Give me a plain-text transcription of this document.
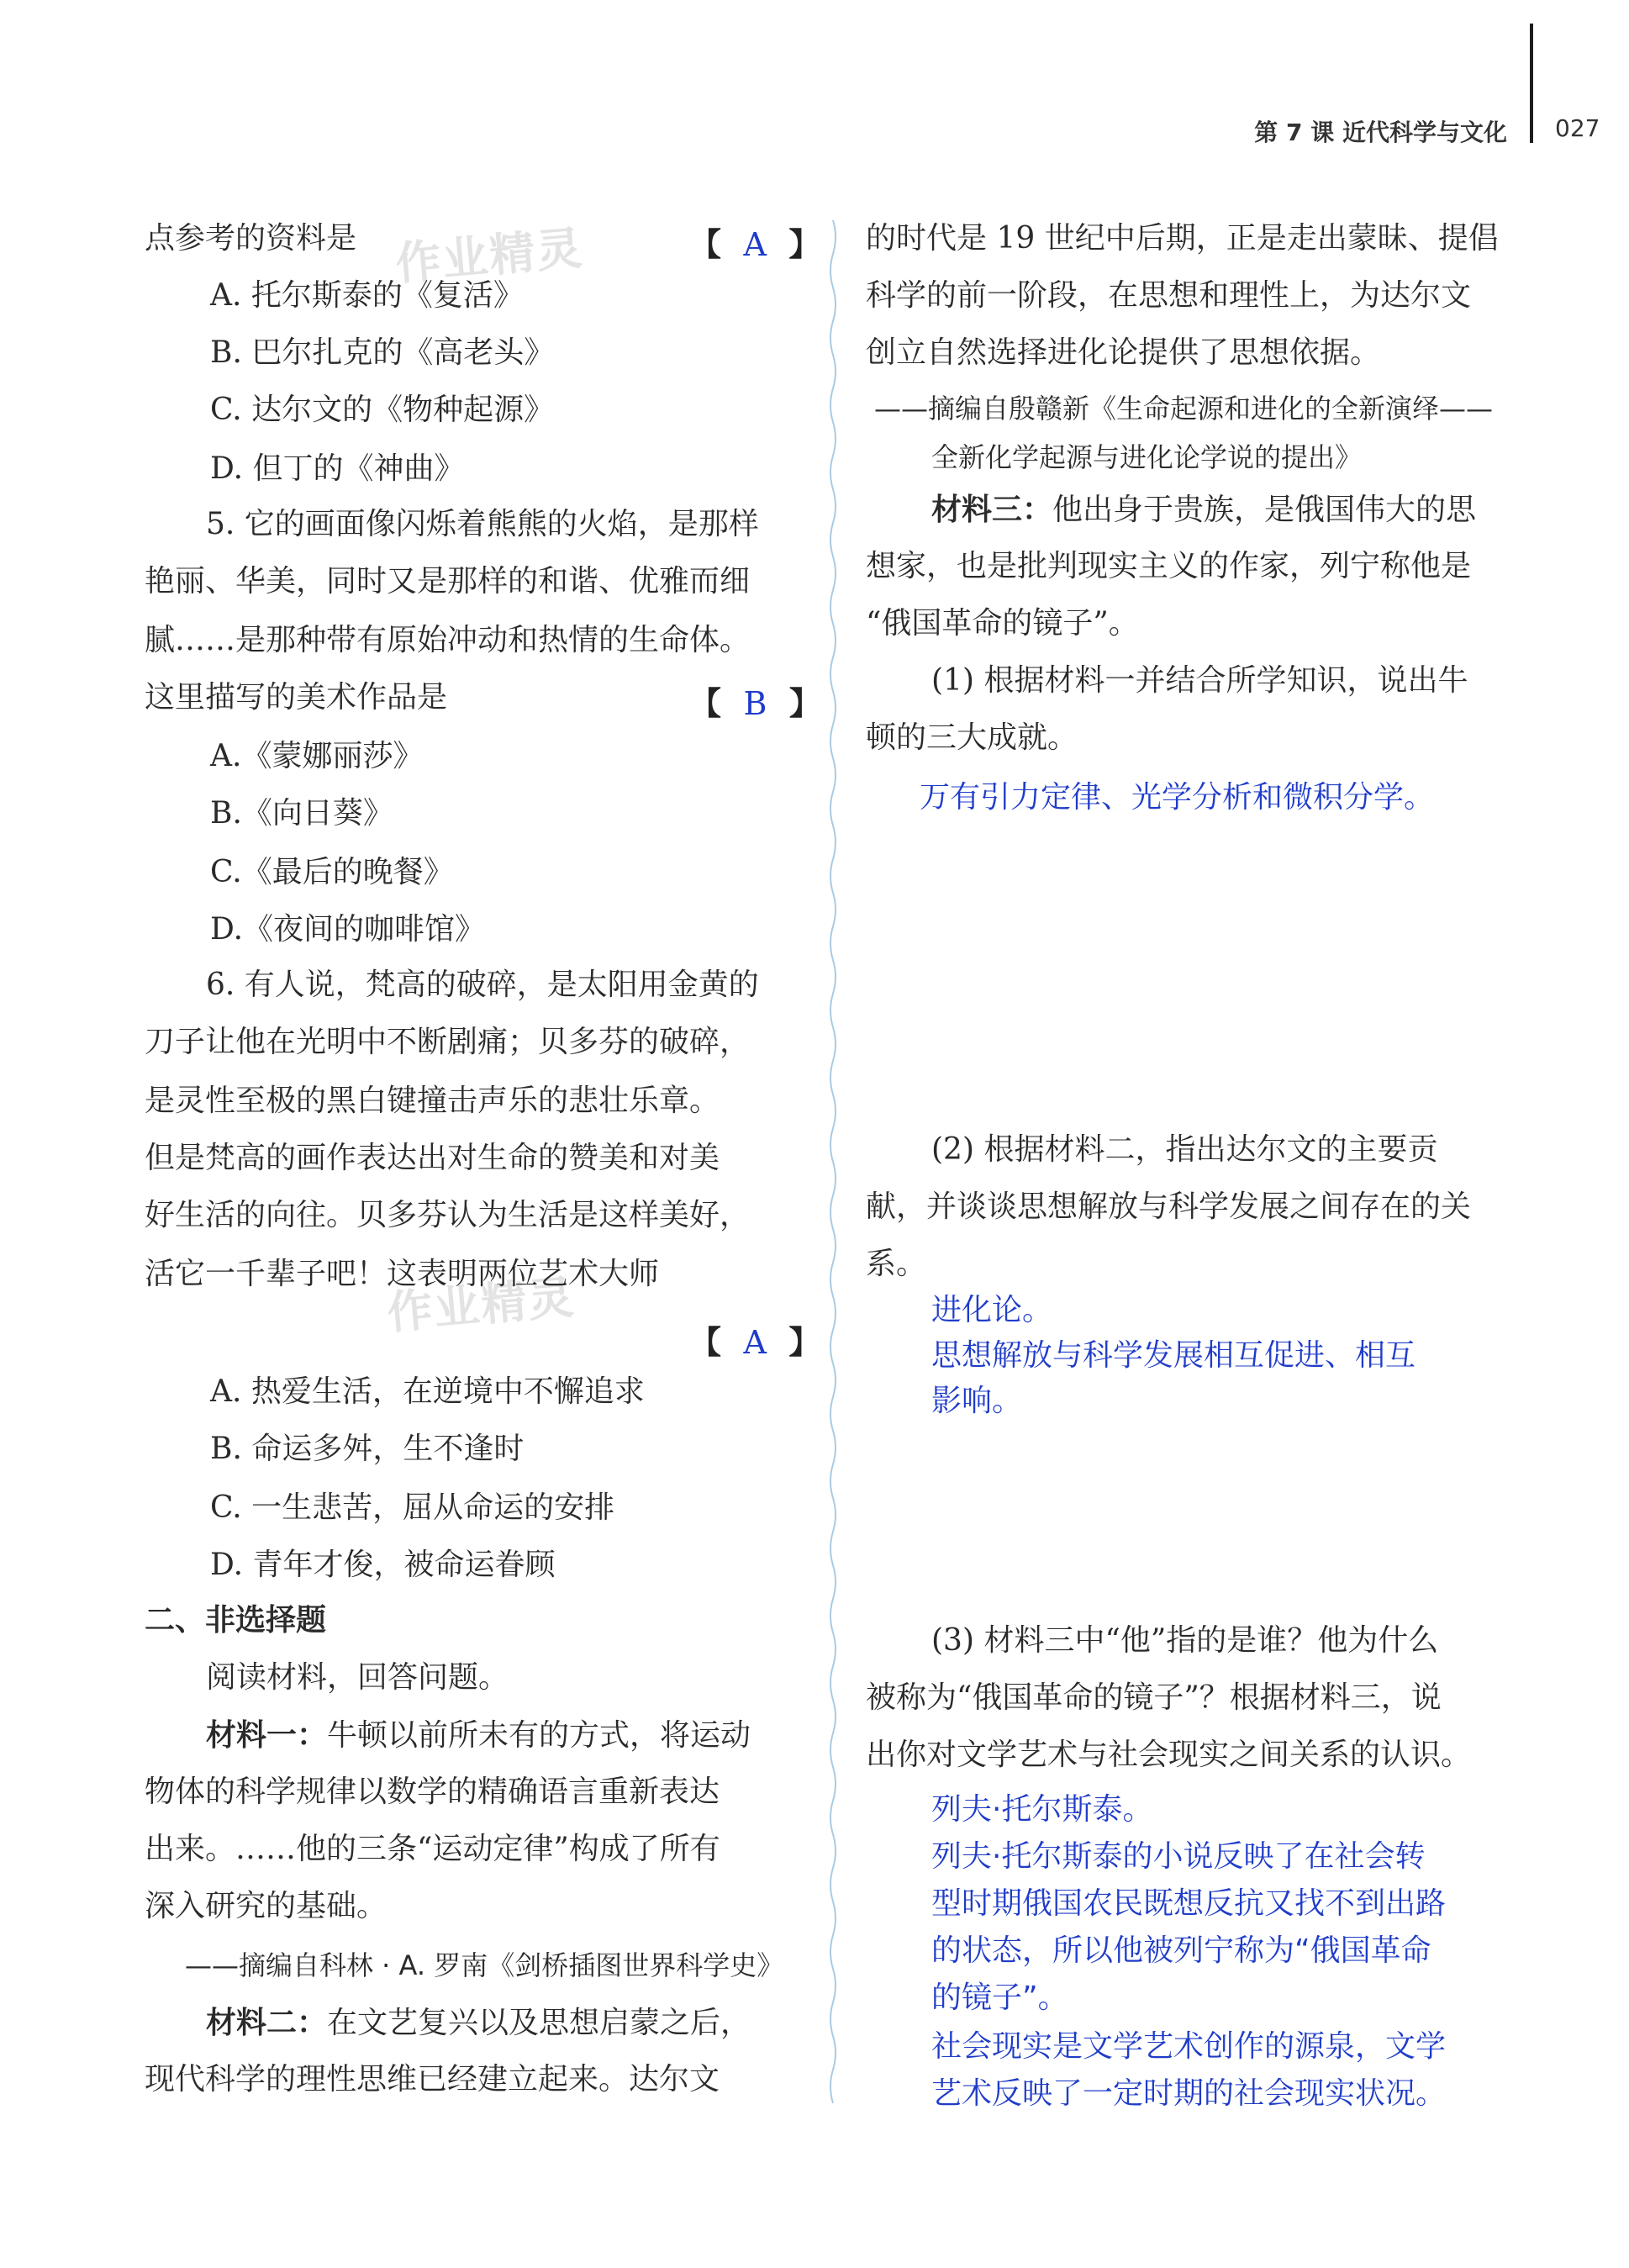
第 7 课 近代科学与文化 027
作业精灵
作业精灵
点参考的资料是	【  A  】
A. 托尔斯泰的《复活》
B. 巴尔扎克的《高老头》
C. 达尔文的《物种起源》
D. 但丁的《神曲》
5. 它的画面像闪烁着熊熊的火焰，是那样
艳丽、华美，同时又是那样的和谐、优雅而细
腻……是那种带有原始冲动和热情的生命体。
这里描写的美术作品是	【  B  】
A.《蒙娜丽莎》
B.《向日葵》
C.《最后的晚餐》
D.《夜间的咖啡馆》
6. 有人说，梵高的破碎，是太阳用金黄的
刀子让他在光明中不断剧痛；贝多芬的破碎，
是灵性至极的黑白键撞击声乐的悲壮乐章。
但是梵高的画作表达出对生命的赞美和对美
好生活的向往。贝多芬认为生活是这样美好，
活它一千辈子吧！这表明两位艺术大师
【  A  】
A. 热爱生活，在逆境中不懈追求
B. 命运多舛，生不逢时
C. 一生悲苦，屈从命运的安排
D. 青年才俊，被命运眷顾
二、非选择题
阅读材料，回答问题。
材料一：牛顿以前所未有的方式，将运动
物体的科学规律以数学的精确语言重新表达
出来。……他的三条“运动定律”构成了所有
深入研究的基础。
——摘编自科林 · A. 罗南《剑桥插图世界科学史》
材料二：在文艺复兴以及思想启蒙之后，
现代科学的理性思维已经建立起来。达尔文
的时代是 19 世纪中后期，正是走出蒙昧、提倡
科学的前一阶段，在思想和理性上，为达尔文
创立自然选择进化论提供了思想依据。
——摘编自殷赣新《生命起源和进化的全新演绎——
全新化学起源与进化论学说的提出》
材料三：他出身于贵族，是俄国伟大的思
想家，也是批判现实主义的作家，列宁称他是
“俄国革命的镜子”。
(1) 根据材料一并结合所学知识，说出牛
顿的三大成就。
万有引力定律、光学分析和微积分学。
(2) 根据材料二，指出达尔文的主要贡
献，并谈谈思想解放与科学发展之间存在的关
系。
进化论。
思想解放与科学发展相互促进、相互
影响。
(3) 材料三中“他”指的是谁？他为什么
被称为“俄国革命的镜子”？根据材料三，说
出你对文学艺术与社会现实之间关系的认识。
列夫·托尔斯泰。
列夫·托尔斯泰的小说反映了在社会转
型时期俄国农民既想反抗又找不到出路
的状态，所以他被列宁称为“俄国革命
的镜子”。
社会现实是文学艺术创作的源泉，文学
艺术反映了一定时期的社会现实状况。
